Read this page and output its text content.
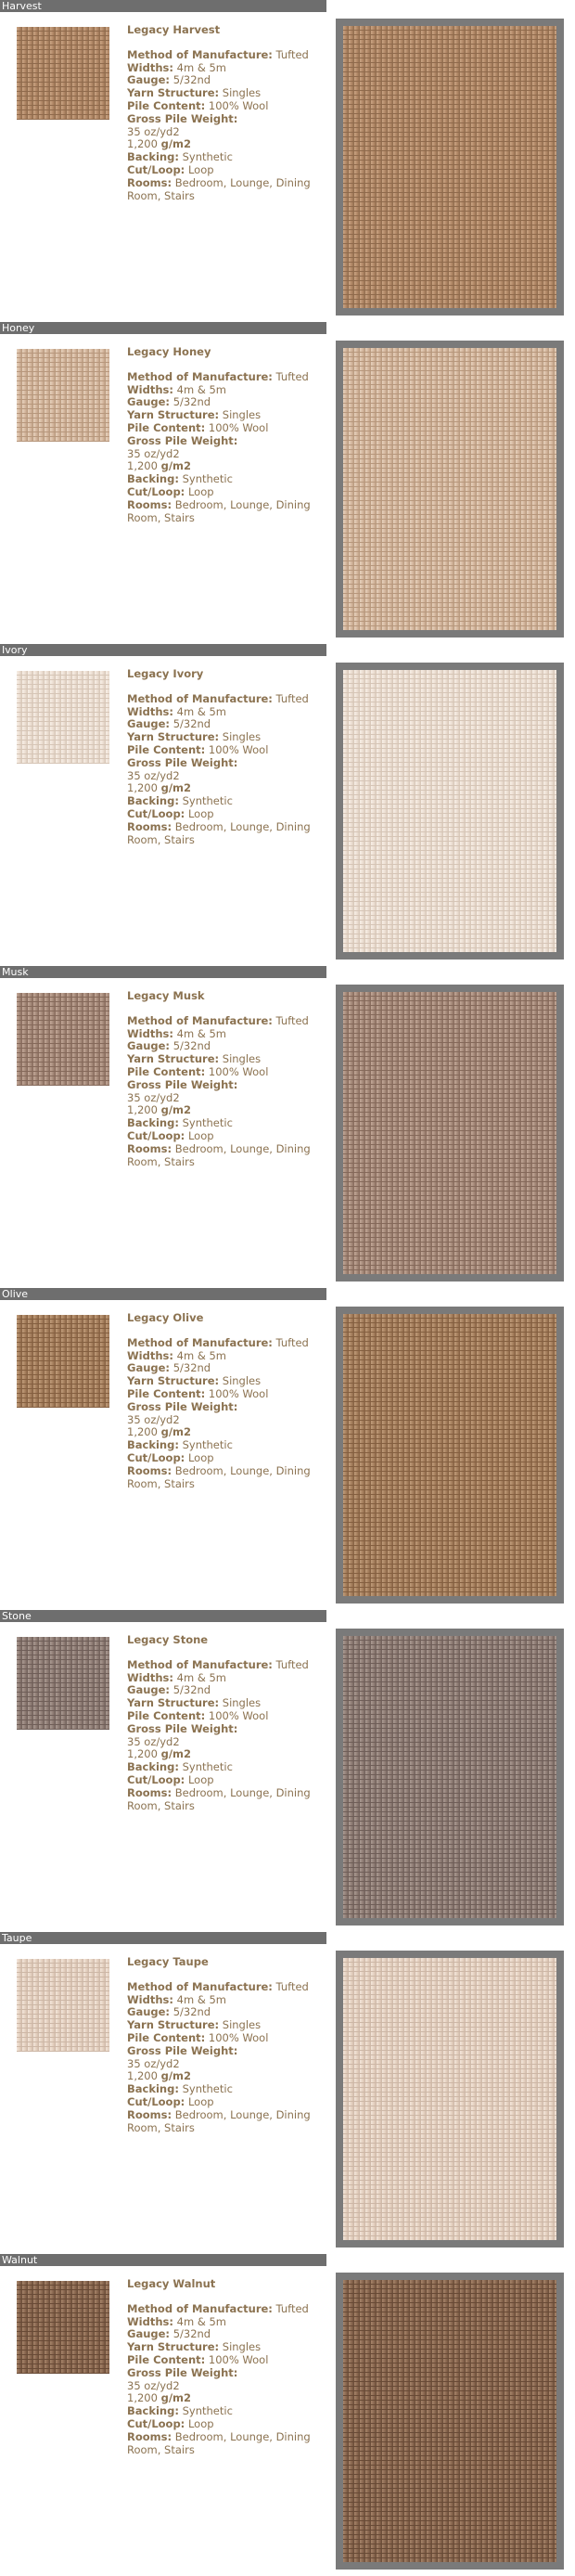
Harvest
Legacy Harvest
Method of Manufacture: Tufted
Widths: 4m & 5m
Gauge: 5/32nd
Yarn Structure: Singles
Pile Content: 100% Wool
Gross Pile Weight:
35 oz/yd2
1,200 g/m2
Backing: Synthetic
Cut/Loop: Loop
Rooms: Bedroom, Lounge, Dining Room, Stairs
Honey
Legacy Honey
Method of Manufacture: Tufted
Widths: 4m & 5m
Gauge: 5/32nd
Yarn Structure: Singles
Pile Content: 100% Wool
Gross Pile Weight:
35 oz/yd2
1,200 g/m2
Backing: Synthetic
Cut/Loop: Loop
Rooms: Bedroom, Lounge, Dining Room, Stairs
Ivory
Legacy Ivory
Method of Manufacture: Tufted
Widths: 4m & 5m
Gauge: 5/32nd
Yarn Structure: Singles
Pile Content: 100% Wool
Gross Pile Weight:
35 oz/yd2
1,200 g/m2
Backing: Synthetic
Cut/Loop: Loop
Rooms: Bedroom, Lounge, Dining Room, Stairs
Musk
Legacy Musk
Method of Manufacture: Tufted
Widths: 4m & 5m
Gauge: 5/32nd
Yarn Structure: Singles
Pile Content: 100% Wool
Gross Pile Weight:
35 oz/yd2
1,200 g/m2
Backing: Synthetic
Cut/Loop: Loop
Rooms: Bedroom, Lounge, Dining Room, Stairs
Olive
Legacy Olive
Method of Manufacture: Tufted
Widths: 4m & 5m
Gauge: 5/32nd
Yarn Structure: Singles
Pile Content: 100% Wool
Gross Pile Weight:
35 oz/yd2
1,200 g/m2
Backing: Synthetic
Cut/Loop: Loop
Rooms: Bedroom, Lounge, Dining Room, Stairs
Stone
Legacy Stone
Method of Manufacture: Tufted
Widths: 4m & 5m
Gauge: 5/32nd
Yarn Structure: Singles
Pile Content: 100% Wool
Gross Pile Weight:
35 oz/yd2
1,200 g/m2
Backing: Synthetic
Cut/Loop: Loop
Rooms: Bedroom, Lounge, Dining Room, Stairs
Taupe
Legacy Taupe
Method of Manufacture: Tufted
Widths: 4m & 5m
Gauge: 5/32nd
Yarn Structure: Singles
Pile Content: 100% Wool
Gross Pile Weight:
35 oz/yd2
1,200 g/m2
Backing: Synthetic
Cut/Loop: Loop
Rooms: Bedroom, Lounge, Dining Room, Stairs
Walnut
Legacy Walnut
Method of Manufacture: Tufted
Widths: 4m & 5m
Gauge: 5/32nd
Yarn Structure: Singles
Pile Content: 100% Wool
Gross Pile Weight:
35 oz/yd2
1,200 g/m2
Backing: Synthetic
Cut/Loop: Loop
Rooms: Bedroom, Lounge, Dining Room, Stairs
